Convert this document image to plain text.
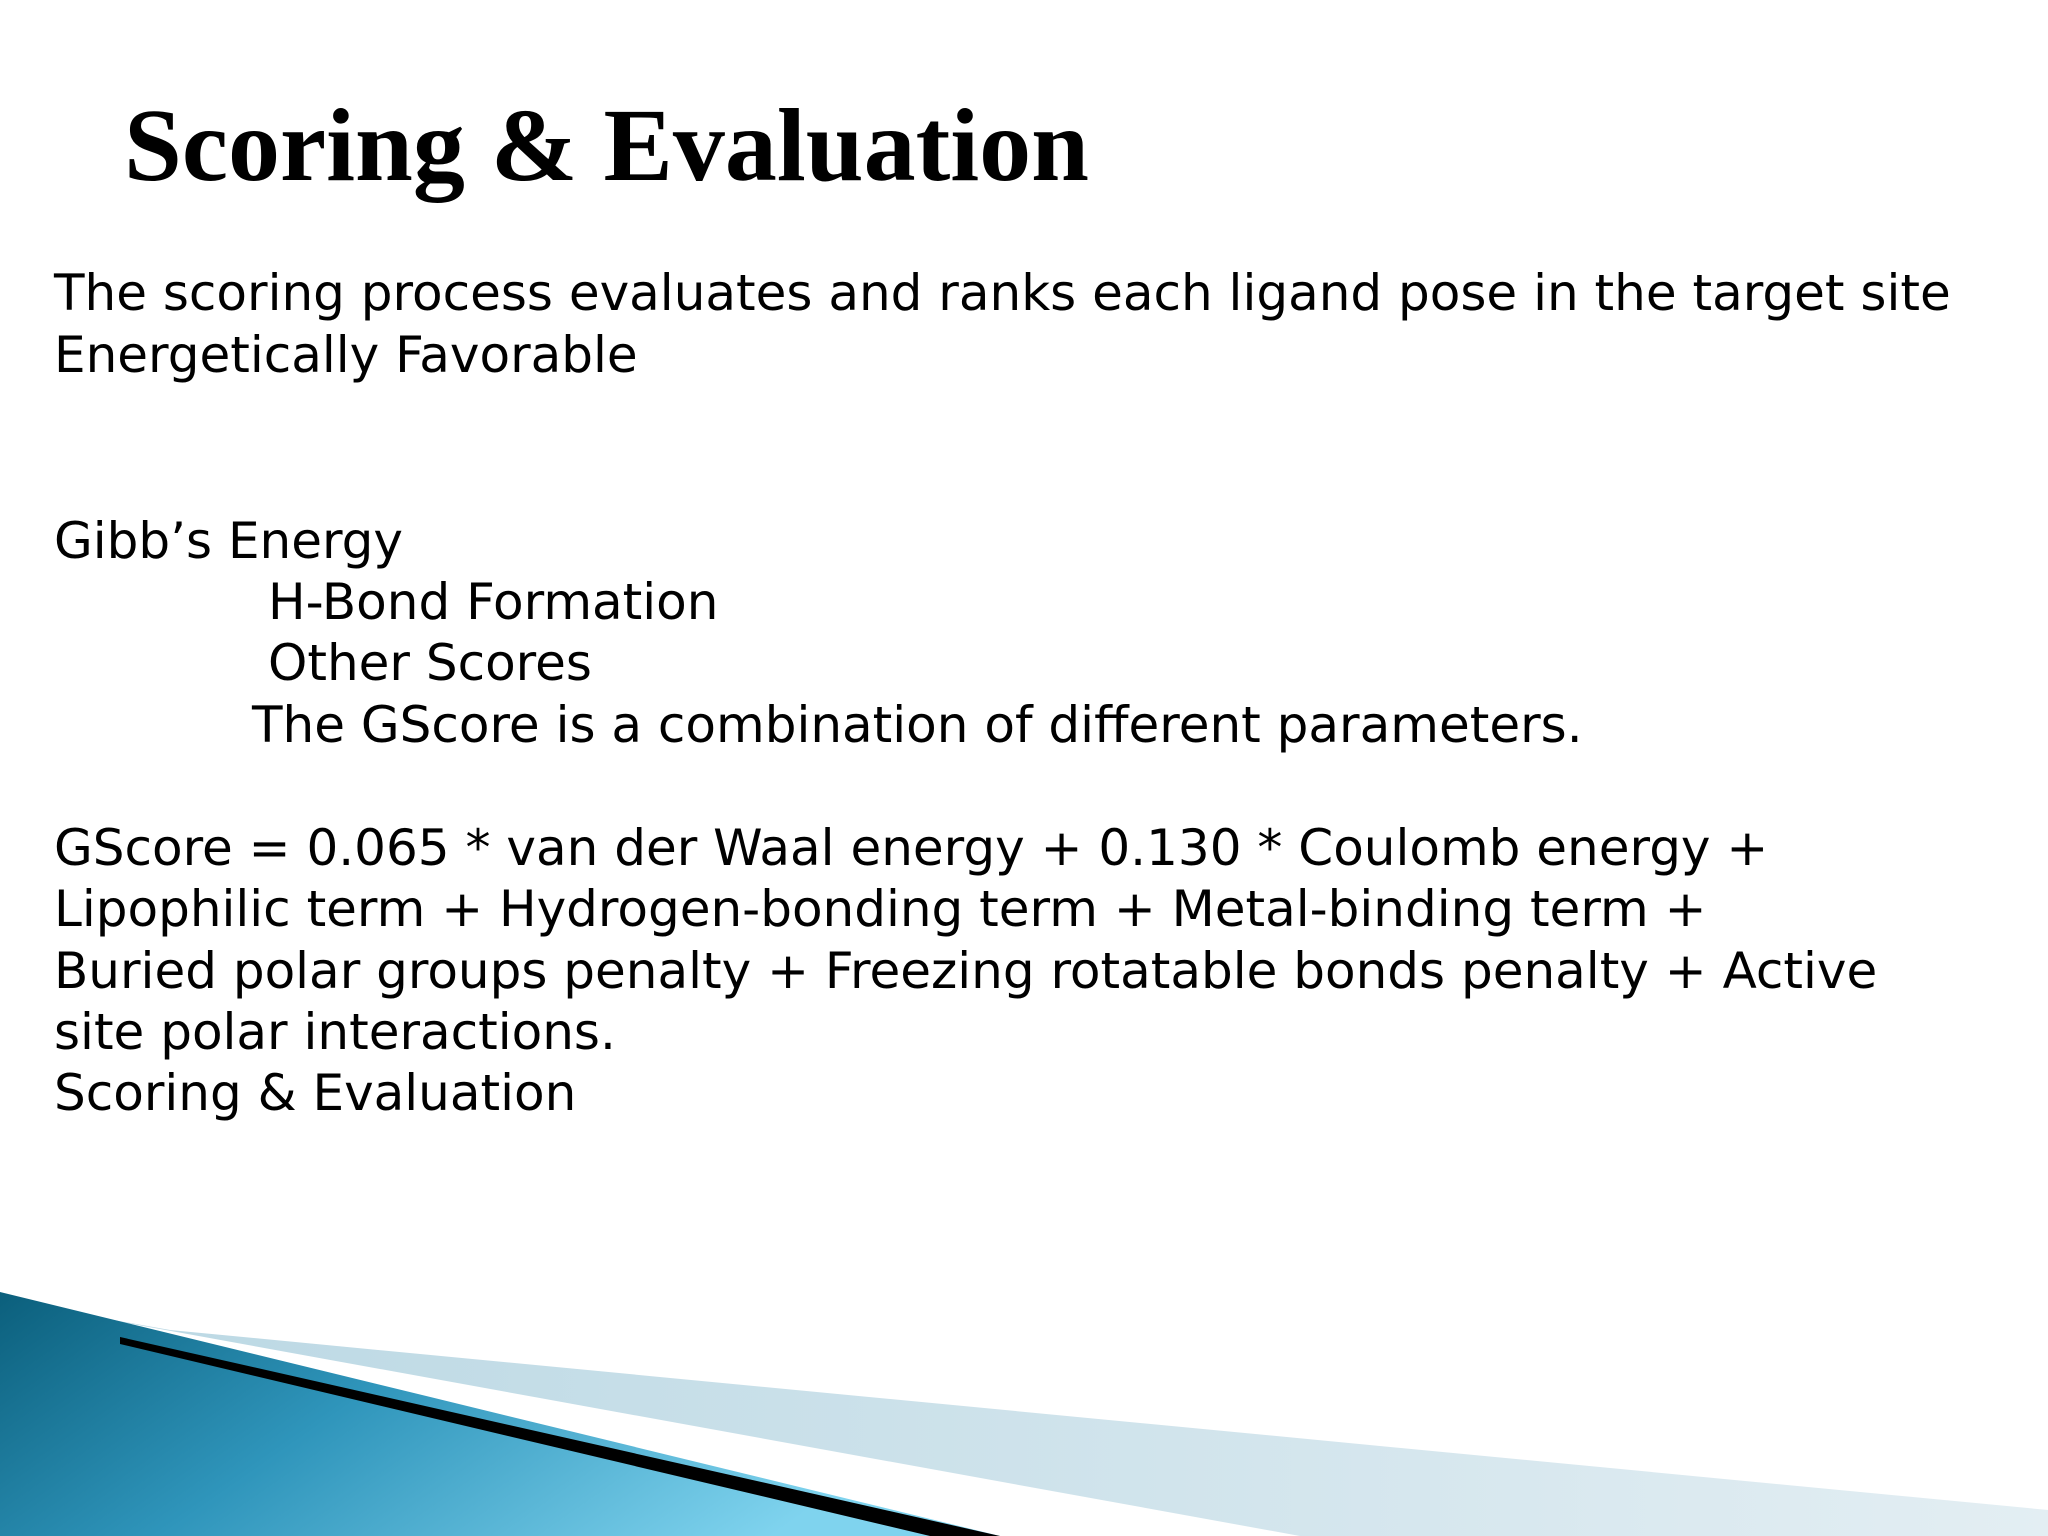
Scoring & Evaluation
The scoring process evaluates and ranks each ligand pose in the target site
Energetically Favorable
Gibb’s Energy
H-Bond Formation
Other Scores
The GScore is a combination of different parameters.
GScore = 0.065 * van der Waal energy + 0.130 * Coulomb energy +
Lipophilic term + Hydrogen-bonding term + Metal-binding term +
Buried polar groups penalty + Freezing rotatable bonds penalty + Active
site polar interactions.
Scoring & Evaluation
